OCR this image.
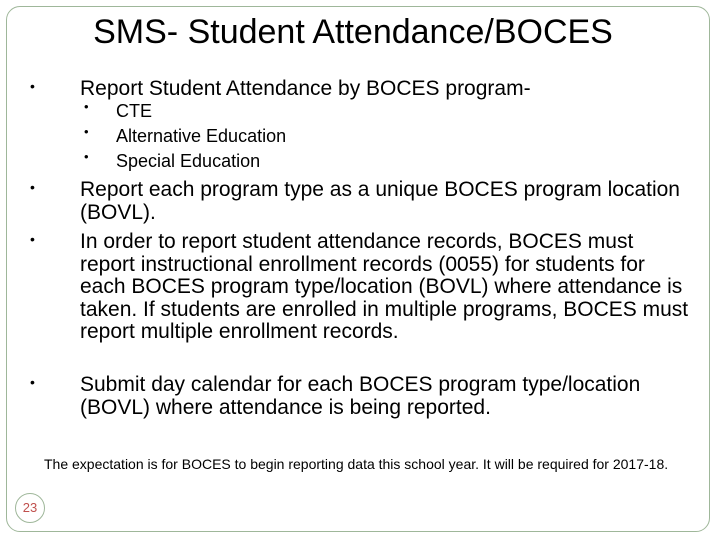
SMS- Student Attendance/BOCES
• Report Student Attendance by BOCES program-
• CTE
• Alternative Education
• Special Education
• Report each program type as a unique BOCES program location (BOVL).
• In order to report student attendance records, BOCES must report instructional enrollment records (0055) for students for each BOCES program type/location (BOVL) where attendance is taken. If students are enrolled in multiple programs, BOCES must report multiple enrollment records.
• Submit day calendar for each BOCES program type/location (BOVL) where attendance is being reported.
The expectation is for BOCES to begin reporting data this school year. It will be required for 2017-18.
23
